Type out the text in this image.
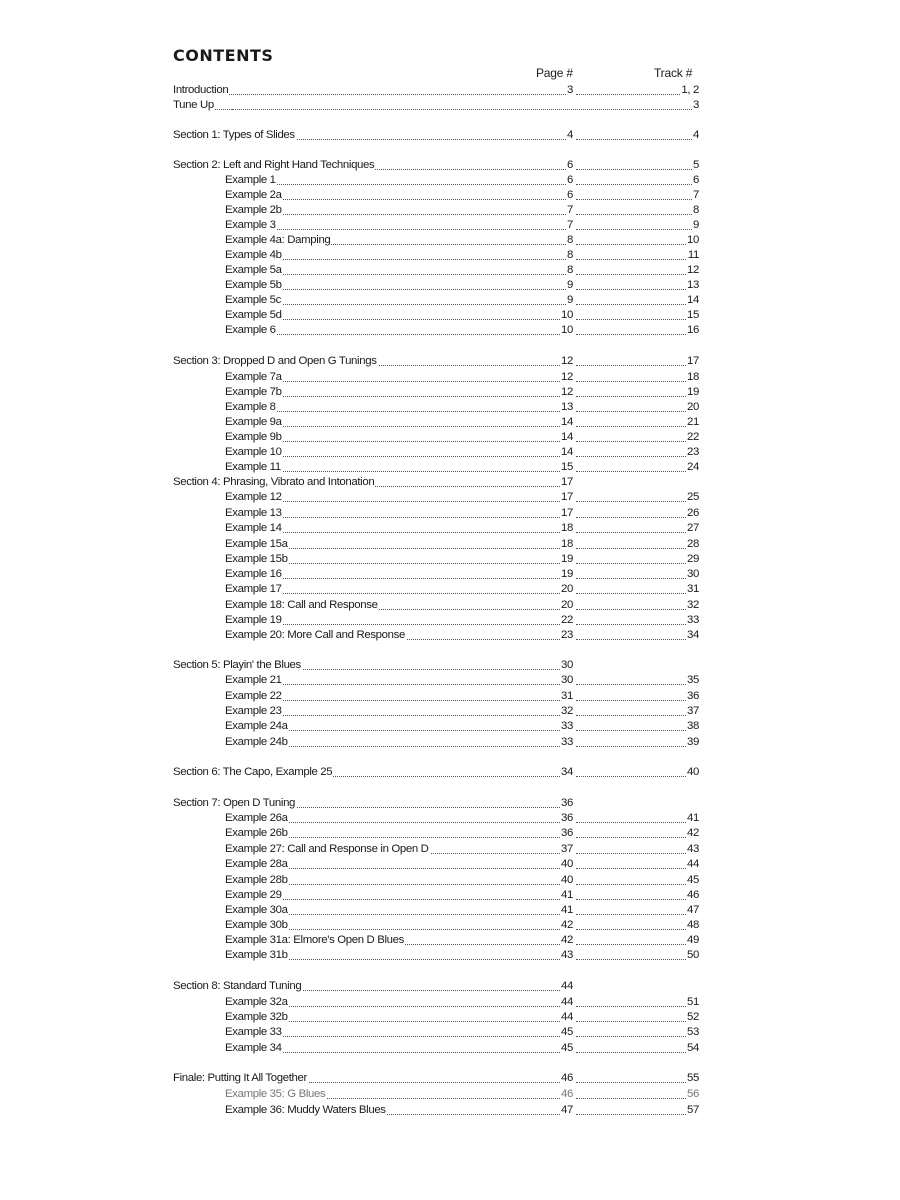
CONTENTS
Page #	Track #
Introduction	3	1, 2
Tune Up	3
Section 1: Types of Slides	4	4
Section 2: Left and Right Hand Techniques	6	5
Example 1	6	6
Example 2a	6	7
Example 2b	7	8
Example 3	7	9
Example 4a: Damping	8	10
Example 4b	8	11
Example 5a	8	12
Example 5b	9	13
Example 5c	9	14
Example 5d	10	15
Example 6	10	16
Section 3: Dropped D and Open G Tunings	12	17
Example 7a	12	18
Example 7b	12	19
Example 8	13	20
Example 9a	14	21
Example 9b	14	22
Example 10	14	23
Example 11	15	24
Section 4: Phrasing, Vibrato and Intonation	17
Example 12	17	25
Example 13	17	26
Example 14	18	27
Example 15a	18	28
Example 15b	19	29
Example 16	19	30
Example 17	20	31
Example 18: Call and Response	20	32
Example 19	22	33
Example 20: More Call and Response	23	34
Section 5: Playin' the Blues	30
Example 21	30	35
Example 22	31	36
Example 23	32	37
Example 24a	33	38
Example 24b	33	39
Section 6: The Capo, Example 25	34	40
Section 7: Open D Tuning	36
Example 26a	36	41
Example 26b	36	42
Example 27: Call and Response in Open D	37	43
Example 28a	40	44
Example 28b	40	45
Example 29	41	46
Example 30a	41	47
Example 30b	42	48
Example 31a: Elmore's Open D Blues	42	49
Example 31b	43	50
Section 8: Standard Tuning	44
Example 32a	44	51
Example 32b	44	52
Example 33	45	53
Example 34	45	54
Finale: Putting It All Together	46	55
Example 35: G Blues	46	56
Example 36: Muddy Waters Blues	47	57
